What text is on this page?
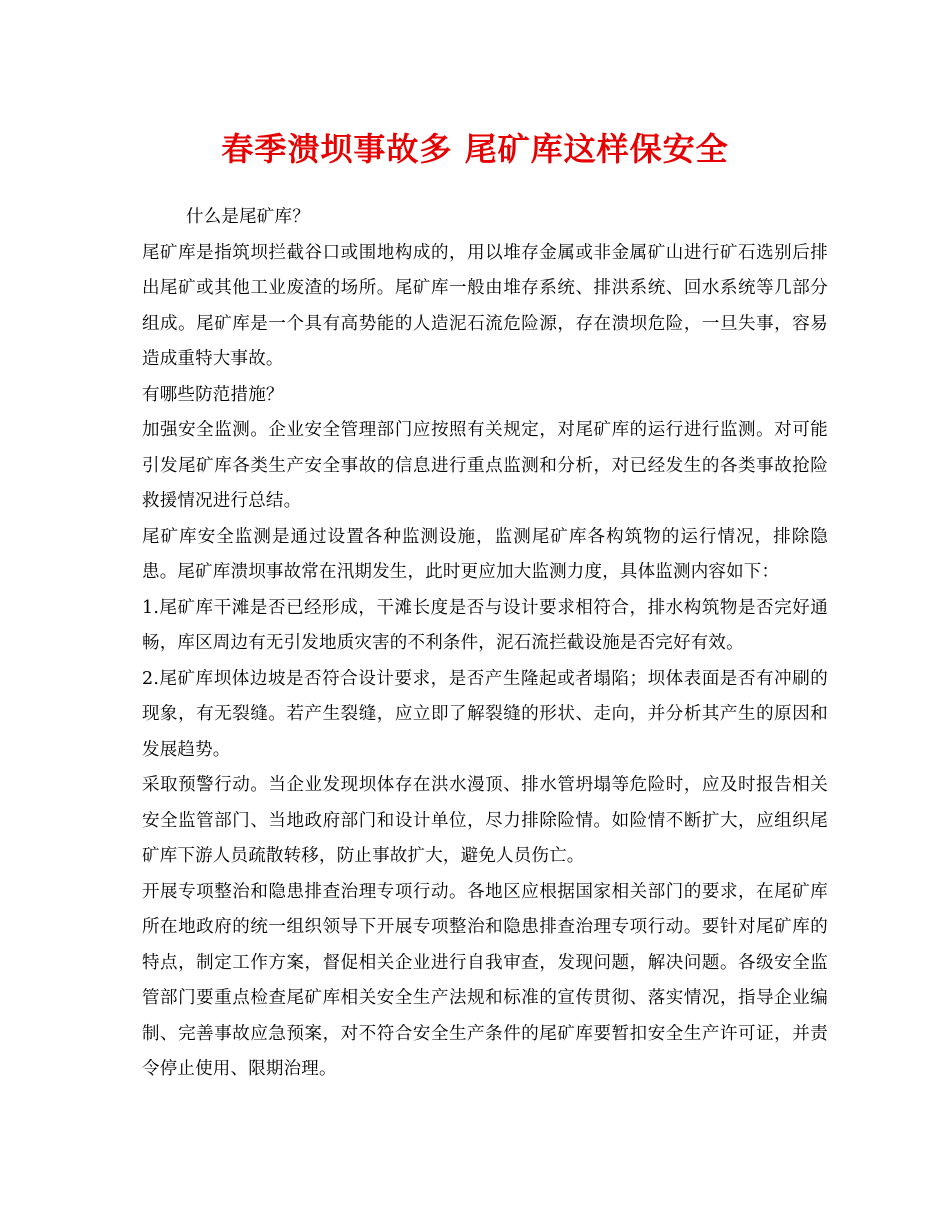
春季溃坝事故多 尾矿库这样保安全

什么是尾矿库？

尾矿库是指筑坝拦截谷口或围地构成的，用以堆存金属或非金属矿山进行矿石选别后排出尾矿或其他工业废渣的场所。尾矿库一般由堆存系统、排洪系统、回水系统等几部分组成。尾矿库是一个具有高势能的人造泥石流危险源，存在溃坝危险，一旦失事，容易造成重特大事故。

有哪些防范措施？

加强安全监测。企业安全管理部门应按照有关规定，对尾矿库的运行进行监测。对可能引发尾矿库各类生产安全事故的信息进行重点监测和分析，对已经发生的各类事故抢险救援情况进行总结。

尾矿库安全监测是通过设置各种监测设施，监测尾矿库各构筑物的运行情况，排除隐患。尾矿库溃坝事故常在汛期发生，此时更应加大监测力度，具体监测内容如下：

1.尾矿库干滩是否已经形成，干滩长度是否与设计要求相符合，排水构筑物是否完好通畅，库区周边有无引发地质灾害的不利条件，泥石流拦截设施是否完好有效。

2.尾矿库坝体边坡是否符合设计要求，是否产生隆起或者塌陷；坝体表面是否有冲刷的现象，有无裂缝。若产生裂缝，应立即了解裂缝的形状、走向，并分析其产生的原因和发展趋势。

采取预警行动。当企业发现坝体存在洪水漫顶、排水管坍塌等危险时，应及时报告相关安全监管部门、当地政府部门和设计单位，尽力排除险情。如险情不断扩大，应组织尾矿库下游人员疏散转移，防止事故扩大，避免人员伤亡。

开展专项整治和隐患排查治理专项行动。各地区应根据国家相关部门的要求，在尾矿库所在地政府的统一组织领导下开展专项整治和隐患排查治理专项行动。要针对尾矿库的特点，制定工作方案，督促相关企业进行自我审查，发现问题，解决问题。各级安全监管部门要重点检查尾矿库相关安全生产法规和标准的宣传贯彻、落实情况，指导企业编制、完善事故应急预案，对不符合安全生产条件的尾矿库要暂扣安全生产许可证，并责令停止使用、限期治理。
